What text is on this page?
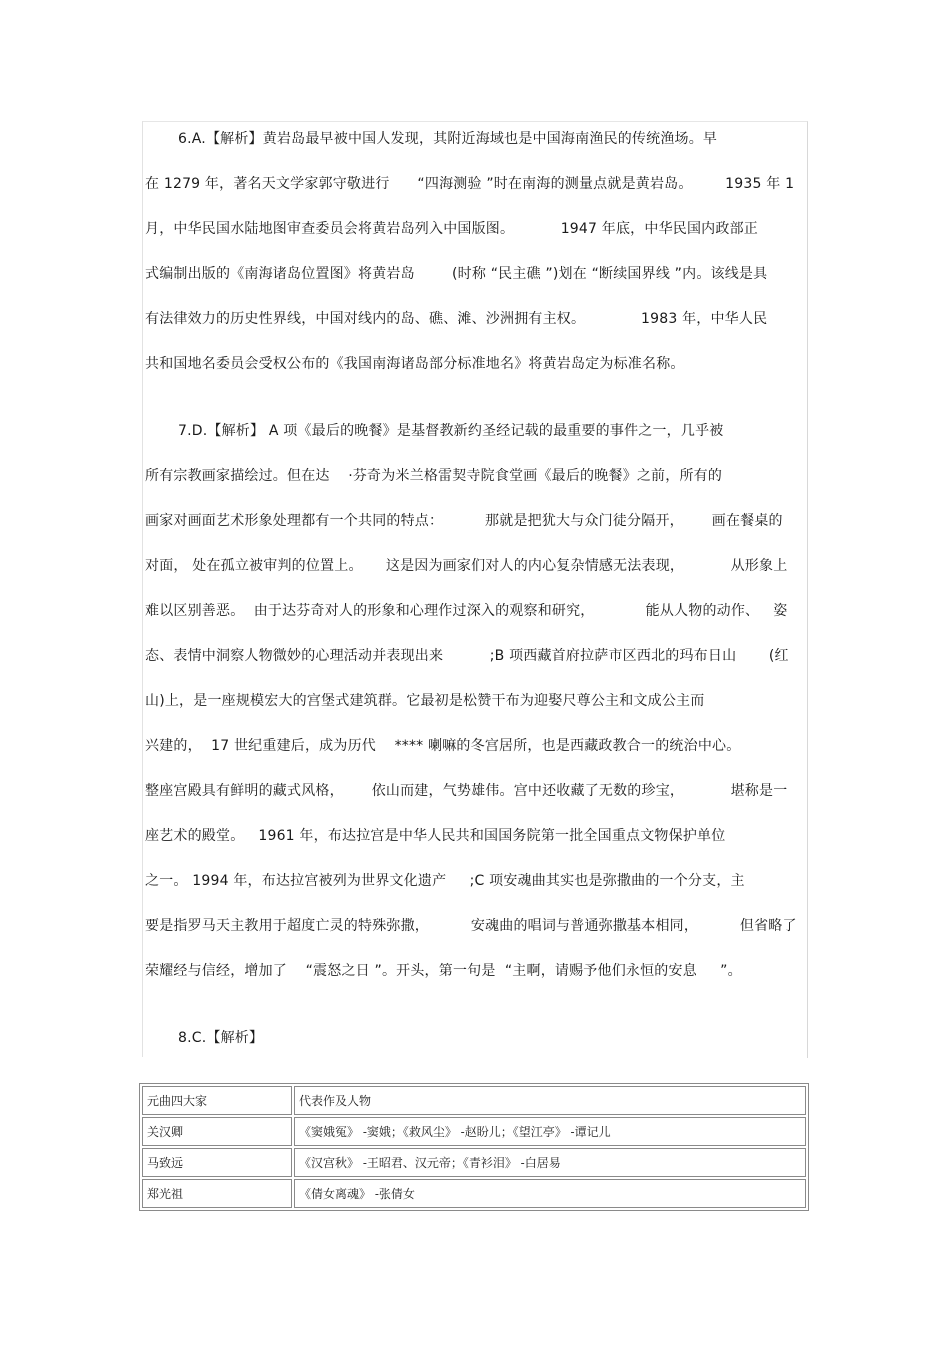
6.A.【解析】黄岩岛最早被中国人发现，其附近海域也是中国海南渔民的传统渔场。早
在 1279 年，著名天文学家郭守敬进行      “四海测验 ”时在南海的测量点就是黄岩岛。       1935 年 1
月，中华民国水陆地图审查委员会将黄岩岛列入中国版图。          1947 年底，中华民国内政部正
式编制出版的《南海诸岛位置图》将黄岩岛        (时称 “民主礁 ”)划在 “断续国界线 ”内。该线是具
有法律效力的历史性界线，中国对线内的岛、礁、滩、沙洲拥有主权。            1983 年，中华人民
共和国地名委员会受权公布的《我国南海诸岛部分标准地名》将黄岩岛定为标准名称。
7.D.【解析】 A 项《最后的晚餐》是基督教新约圣经记载的最重要的事件之一，几乎被
所有宗教画家描绘过。但在达    ·芬奇为米兰格雷契寺院食堂画《最后的晚餐》之前，所有的
画家对画面艺术形象处理都有一个共同的特点：         那就是把犹大与众门徒分隔开，      画在餐桌的
对面， 处在孤立被审判的位置上。     这是因为画家们对人的内心复杂情感无法表现，          从形象上
难以区别善恶。  由于达芬奇对人的形象和心理作过深入的观察和研究，           能从人物的动作、   姿
态、表情中洞察人物微妙的心理活动并表现出来          ;B 项西藏首府拉萨市区西北的玛布日山       (红
山)上，是一座规模宏大的宫堡式建筑群。它最初是松赞干布为迎娶尺尊公主和文成公主而
兴建的，  17 世纪重建后，成为历代    **** 喇嘛的冬宫居所，也是西藏政教合一的统治中心。
整座宫殿具有鲜明的藏式风格，      依山而建，气势雄伟。宫中还收藏了无数的珍宝，          堪称是一
座艺术的殿堂。   1961 年，布达拉宫是中华人民共和国国务院第一批全国重点文物保护单位
之一。 1994 年，布达拉宫被列为世界文化遗产     ;C 项安魂曲其实也是弥撒曲的一个分支，主
要是指罗马天主教用于超度亡灵的特殊弥撒，         安魂曲的唱词与普通弥撒基本相同，         但省略了
荣耀经与信经，增加了    “震怒之日 ”。开头，第一句是  “主啊，请赐予他们永恒的安息     ”。
8.C.【解析】
元曲四大家	代表作及人物
关汉卿	《窦娥冤》 -窦娥；《救风尘》 -赵盼儿；《望江亭》 -谭记儿
马致远	《汉宫秋》 -王昭君、汉元帝；《青衫泪》 -白居易
郑光祖	《倩女离魂》 -张倩女
